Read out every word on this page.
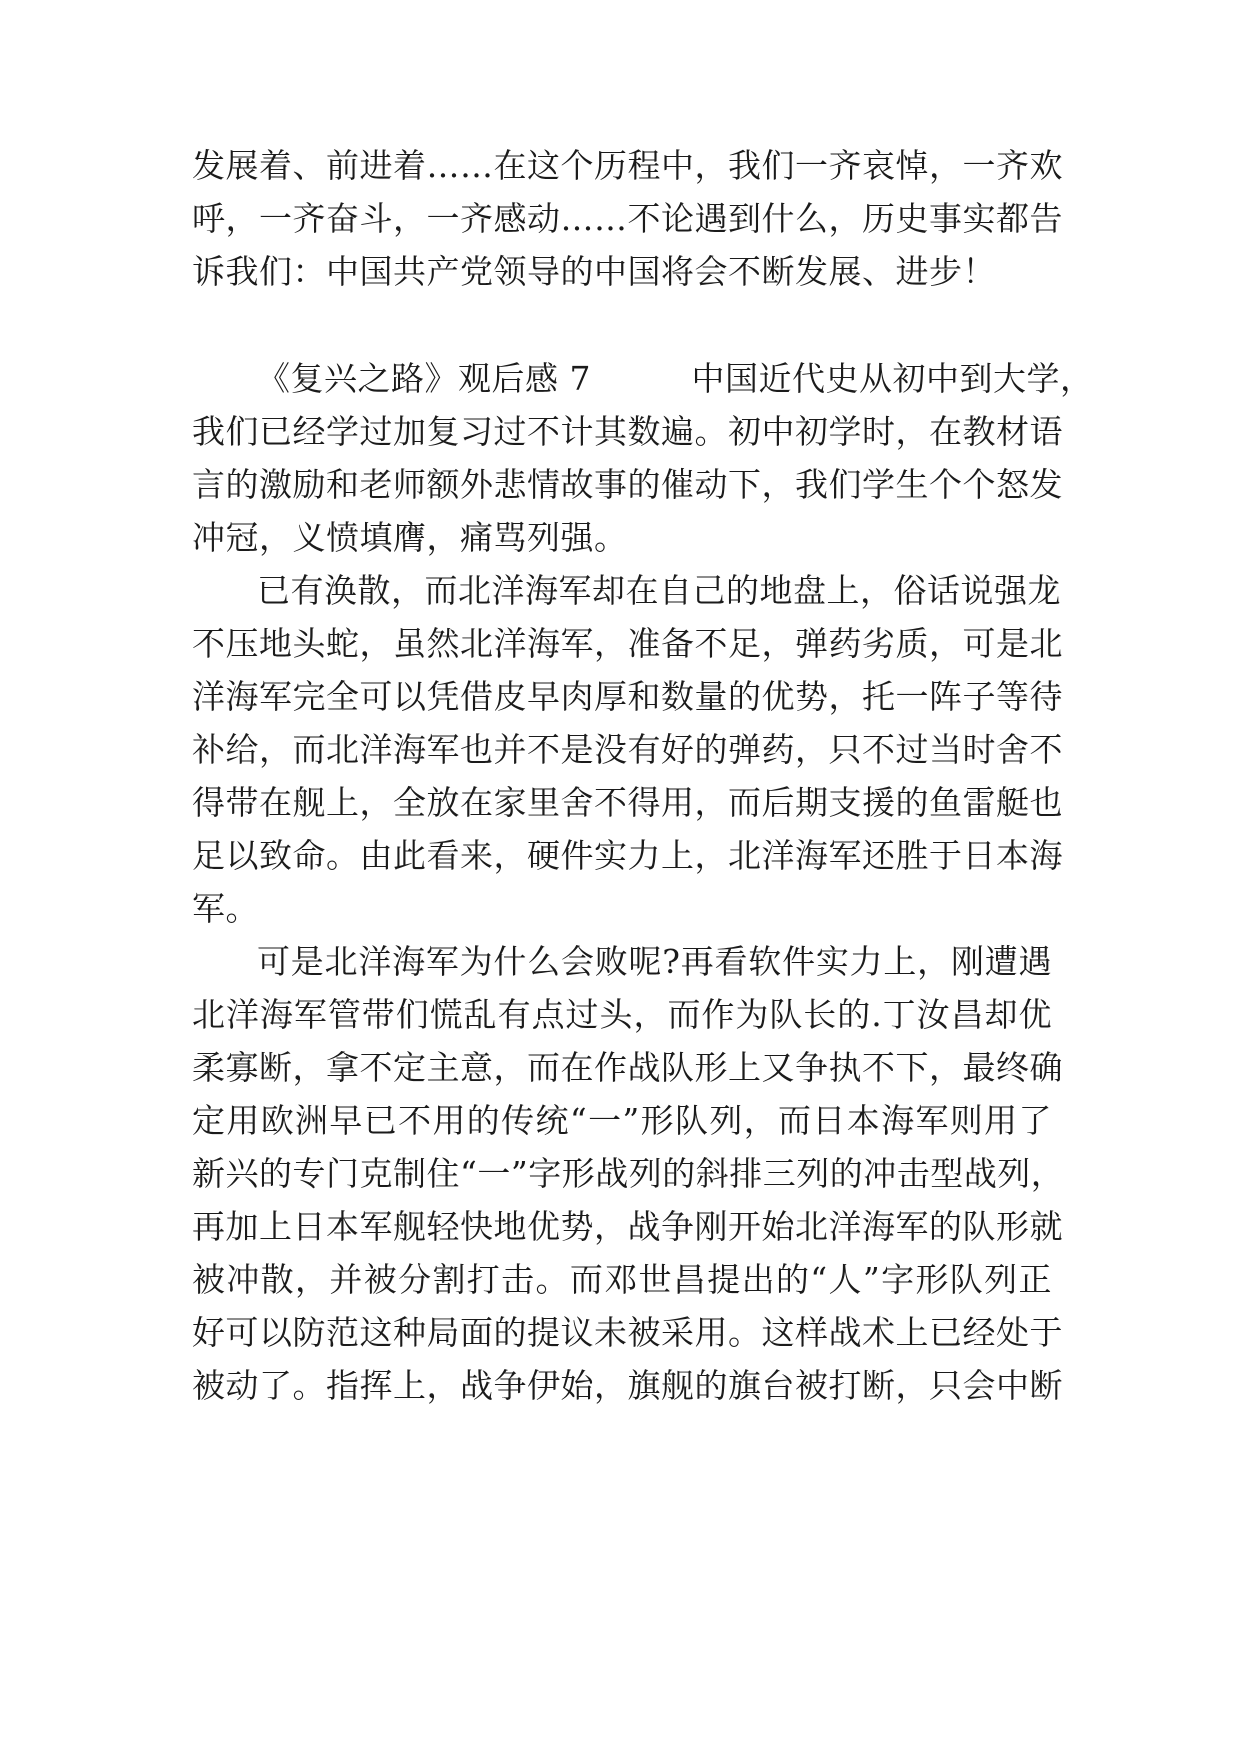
发展着、前进着……在这个历程中，我们一齐哀悼，一齐欢

呼，一齐奋斗，一齐感动……不论遇到什么，历史事实都告

诉我们：中国共产党领导的中国将会不断发展、进步！

《复兴之路》观后感 7　　　中国近代史从初中到大学，

我们已经学过加复习过不计其数遍。初中初学时，在教材语

言的激励和老师额外悲情故事的催动下，我们学生个个怒发

冲冠，义愤填膺，痛骂列强。

已有涣散，而北洋海军却在自己的地盘上，俗话说强龙

不压地头蛇，虽然北洋海军，准备不足，弹药劣质，可是北

洋海军完全可以凭借皮早肉厚和数量的优势，托一阵子等待

补给，而北洋海军也并不是没有好的弹药，只不过当时舍不

得带在舰上，全放在家里舍不得用，而后期支援的鱼雷艇也

足以致命。由此看来，硬件实力上，北洋海军还胜于日本海

军。

可是北洋海军为什么会败呢?再看软件实力上，刚遭遇

北洋海军管带们慌乱有点过头，而作为队长的.丁汝昌却优

柔寡断，拿不定主意，而在作战队形上又争执不下，最终确

定用欧洲早已不用的传统“一”形队列，而日本海军则用了

新兴的专门克制住“一”字形战列的斜排三列的冲击型战列，

再加上日本军舰轻快地优势，战争刚开始北洋海军的队形就

被冲散，并被分割打击。而邓世昌提出的“人”字形队列正

好可以防范这种局面的提议未被采用。这样战术上已经处于

被动了。指挥上，战争伊始，旗舰的旗台被打断，只会中断
